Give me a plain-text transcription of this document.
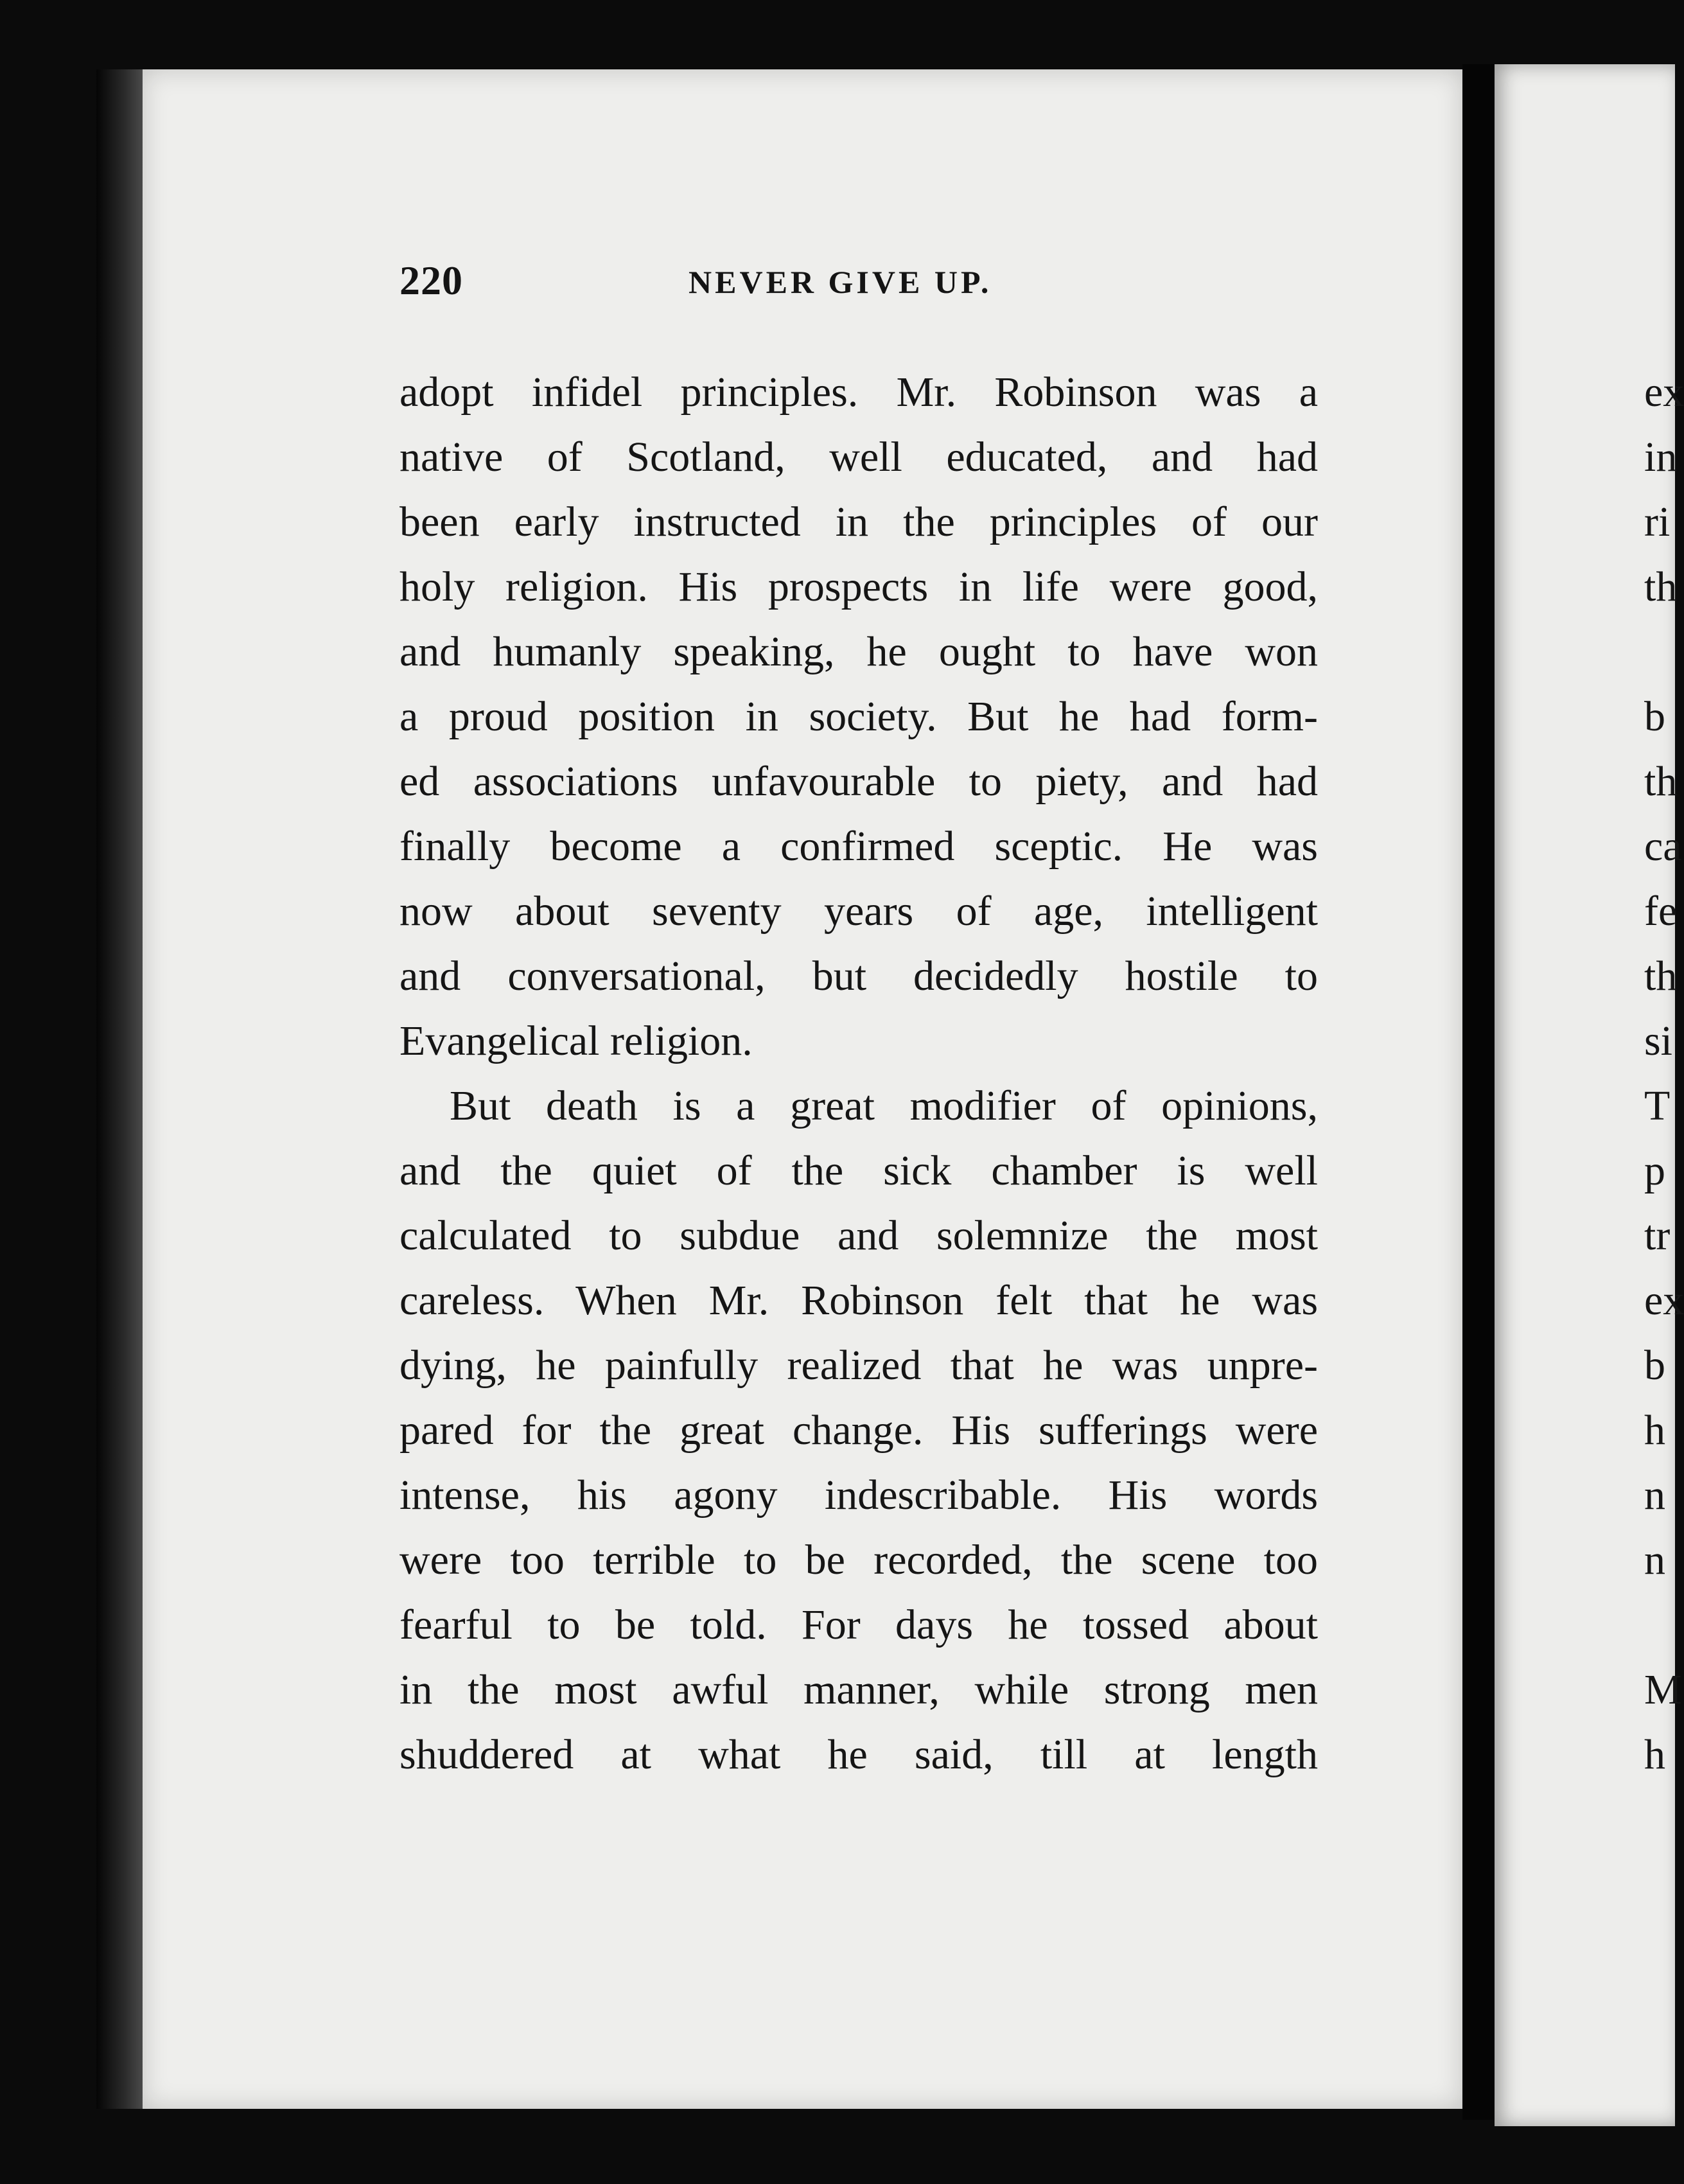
220	NEVER GIVE UP.
adopt infidel principles. Mr. Robinson was a
native of Scotland, well educated, and had
been early instructed in the principles of our
holy religion. His prospects in life were good,
and humanly speaking, he ought to have won
a proud position in society. But he had form-
ed associations unfavourable to piety, and had
finally become a confirmed sceptic. He was
now about seventy years of age, intelligent
and conversational, but decidedly hostile to
Evangelical religion.
But death is a great modifier of opinions,
and the quiet of the sick chamber is well
calculated to subdue and solemnize the most
careless. When Mr. Robinson felt that he was
dying, he painfully realized that he was unpre-
pared for the great change. His sufferings were
intense, his agony indescribable. His words
were too terrible to be recorded, the scene too
fearful to be told. For days he tossed about
in the most awful manner, while strong men
shuddered at what he said, till at length
ex
in
ri
th
b
th
ca
fe
th
si
T
p
tr
ex
b
h
n
n
M
h
